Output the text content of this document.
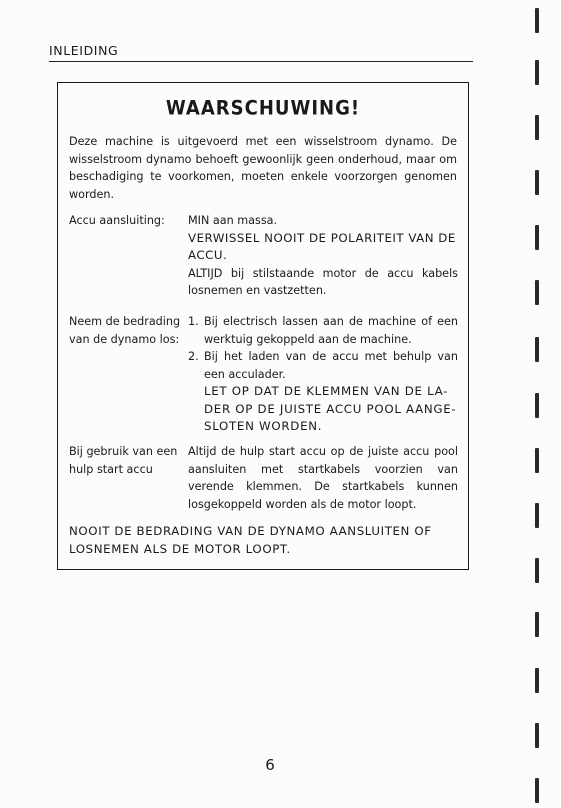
INLEIDING
WAARSCHUWING!
Deze machine is uitgevoerd met een wisselstroom dynamo. De wisselstroom dynamo behoeft gewoonlijk geen onderhoud, maar om beschadiging te voorkomen, moeten enkele voorzorgen genomen worden.
Accu aansluiting:	MIN aan massa.

VERWISSEL NOOIT DE POLARITEIT VAN DE ACCU.

ALTIJD bij stilstaande motor de accu kabels losnemen en vastzetten.

Neem de bedrading van de dynamo los:
1. Bij electrisch lassen aan de machine of een werktuig gekoppeld aan de machine.
2. Bij het laden van de accu met behulp van een acculader.
LET OP DAT DE KLEMMEN VAN DE LA-DER OP DE JUISTE ACCU POOL AANGE-SLOTEN WORDEN.
Bij gebruik van een hulp start accu
Altijd de hulp start accu op de juiste accu pool aansluiten met startkabels voorzien van verende klemmen. De startkabels kunnen losgekoppeld worden als de motor loopt.
NOOIT DE BEDRADING VAN DE DYNAMO AANSLUITEN OF LOSNEMEN ALS DE MOTOR LOOPT.
6
